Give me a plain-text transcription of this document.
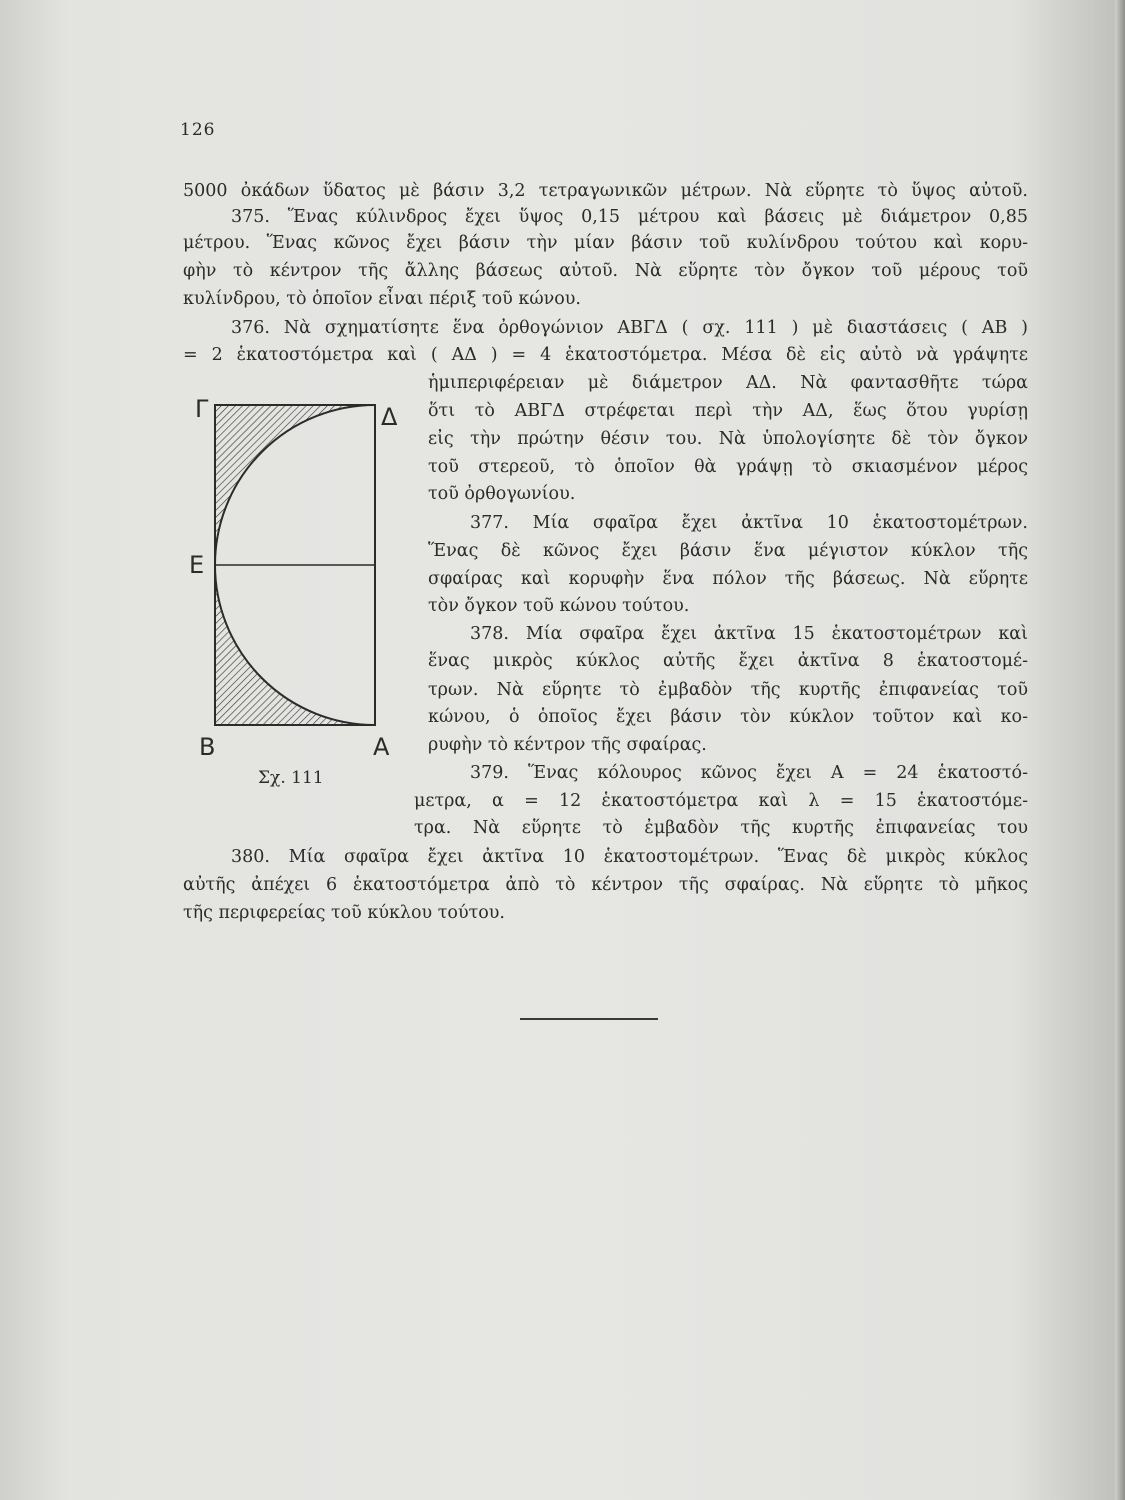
126
5000 ὀκάδων ὕδατος μὲ βάσιν 3,2 τετραγωνικῶν μέτρων. Νὰ εὕρητε τὸ ὕψος αὐτοῦ.
375. Ἕνας κύλινδρος ἔχει ὕψος 0,15 μέτρου καὶ βάσεις μὲ διάμετρον 0,85
μέτρου. Ἕνας κῶνος ἔχει βάσιν τὴν μίαν βάσιν τοῦ κυλίνδρου τούτου καὶ κορυ-
φὴν τὸ κέντρον τῆς ἄλλης βάσεως αὐτοῦ. Νὰ εὕρητε τὸν ὄγκον τοῦ μέρους τοῦ
κυλίνδρου, τὸ ὁποῖον εἶναι πέριξ τοῦ κώνου.
376. Νὰ σχηματίσητε ἕνα ὀρθογώνιον ΑΒΓΔ ( σχ. 111 ) μὲ διαστάσεις ( ΑΒ )
= 2 ἑκατοστόμετρα καὶ ( ΑΔ ) = 4 ἑκατοστόμετρα. Μέσα δὲ εἰς αὐτὸ νὰ γράψητε
ἡμιπεριφέρειαν μὲ διάμετρον ΑΔ. Νὰ φαντασθῆτε τώρα
ὅτι τὸ ΑΒΓΔ στρέφεται περὶ τὴν ΑΔ, ἕως ὅτου γυρίσῃ
εἰς τὴν πρώτην θέσιν του. Νὰ ὑπολογίσητε δὲ τὸν ὄγκον
τοῦ στερεοῦ, τὸ ὁποῖον θὰ γράψῃ τὸ σκιασμένον μέρος
τοῦ ὀρθογωνίου.
377. Μία σφαῖρα ἔχει ἀκτῖνα 10 ἑκατοστομέτρων.
Ἕνας δὲ κῶνος ἔχει βάσιν ἕνα μέγιστον κύκλον τῆς
σφαίρας καὶ κορυφὴν ἕνα πόλον τῆς βάσεως. Νὰ εὕρητε
τὸν ὄγκον τοῦ κώνου τούτου.
378. Μία σφαῖρα ἔχει ἀκτῖνα 15 ἑκατοστομέτρων καὶ
ἕνας μικρὸς κύκλος αὐτῆς ἔχει ἀκτῖνα 8 ἑκατοστομέ-
τρων. Νὰ εὕρητε τὸ ἐμβαδὸν τῆς κυρτῆς ἐπιφανείας τοῦ
κώνου, ὁ ὁποῖος ἔχει βάσιν τὸν κύκλον τοῦτον καὶ κο-
ρυφὴν τὸ κέντρον τῆς σφαίρας.
379. Ἕνας κόλουρος κῶνος ἔχει Α = 24 ἑκατοστό-
μετρα, α = 12 ἑκατοστόμετρα καὶ λ = 15 ἑκατοστόμε-
τρα. Νὰ εὕρητε τὸ ἐμβαδὸν τῆς κυρτῆς ἐπιφανείας του
380. Μία σφαῖρα ἔχει ἀκτῖνα 10 ἑκατοστομέτρων. Ἕνας δὲ μικρὸς κύκλος
αὐτῆς ἀπέχει 6 ἑκατοστόμετρα ἀπὸ τὸ κέντρον τῆς σφαίρας. Νὰ εὕρητε τὸ μῆκος
τῆς περιφερείας τοῦ κύκλου τούτου.
Γ	Δ
Ε
Β	Α
Σχ. 111
